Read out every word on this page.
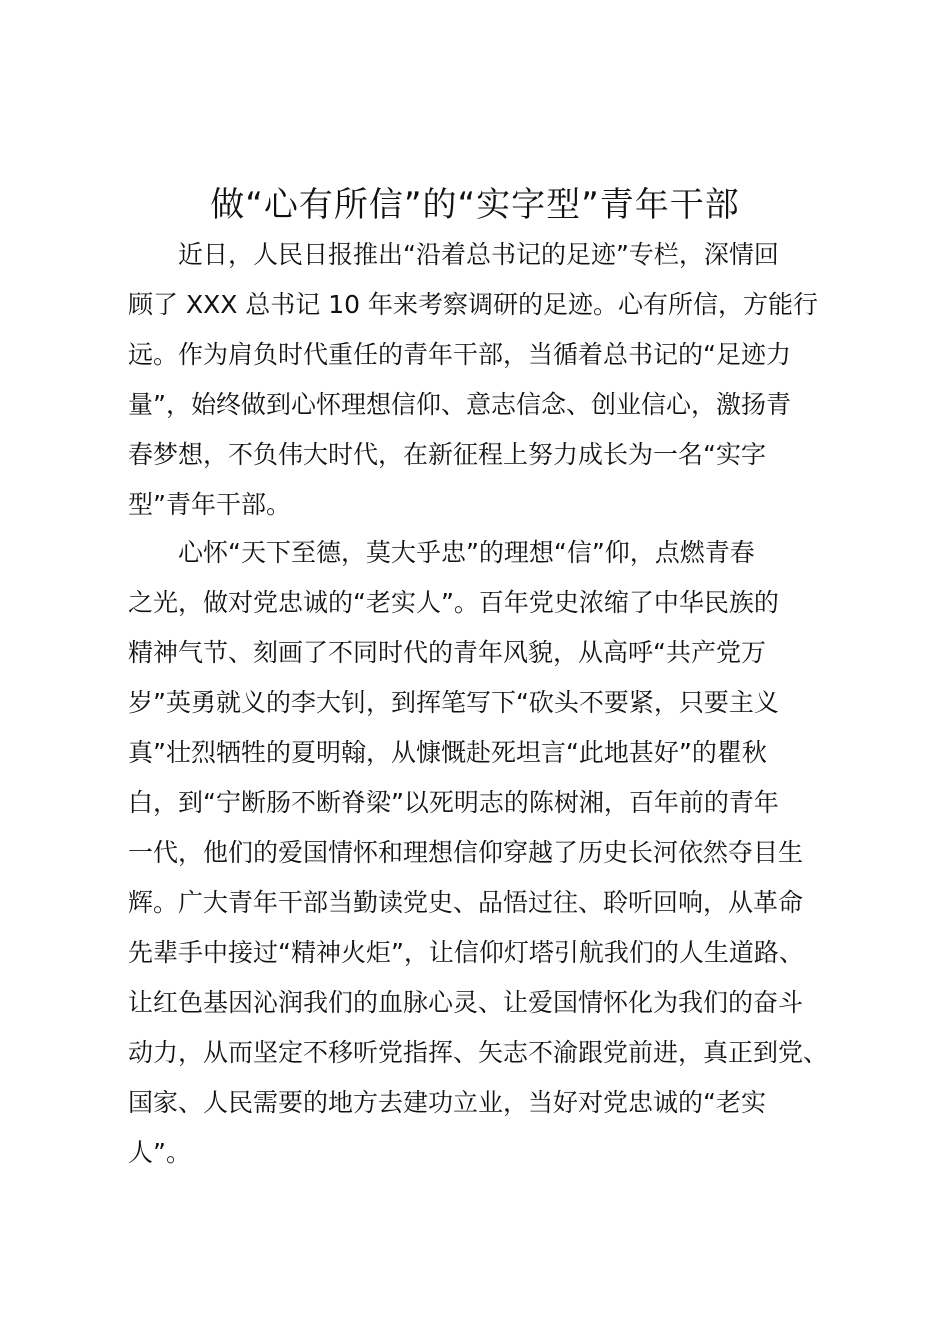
做“心有所信”的“实字型”青年干部
近日，人民日报推出“沿着总书记的足迹”专栏，深情回
顾了 XXX 总书记 10 年来考察调研的足迹。心有所信，方能行
远。作为肩负时代重任的青年干部，当循着总书记的“足迹力
量”，始终做到心怀理想信仰、意志信念、创业信心，激扬青
春梦想，不负伟大时代，在新征程上努力成长为一名“实字
型”青年干部。
心怀“天下至德，莫大乎忠”的理想“信”仰，点燃青春
之光，做对党忠诚的“老实人”。百年党史浓缩了中华民族的
精神气节、刻画了不同时代的青年风貌，从高呼“共产党万
岁”英勇就义的李大钊，到挥笔写下“砍头不要紧，只要主义
真”壮烈牺牲的夏明翰，从慷慨赴死坦言“此地甚好”的瞿秋
白，到“宁断肠不断脊梁”以死明志的陈树湘，百年前的青年
一代，他们的爱国情怀和理想信仰穿越了历史长河依然夺目生
辉。广大青年干部当勤读党史、品悟过往、聆听回响，从革命
先辈手中接过“精神火炬”，让信仰灯塔引航我们的人生道路、
让红色基因沁润我们的血脉心灵、让爱国情怀化为我们的奋斗
动力，从而坚定不移听党指挥、矢志不渝跟党前进，真正到党、
国家、人民需要的地方去建功立业，当好对党忠诚的“老实
人”。
